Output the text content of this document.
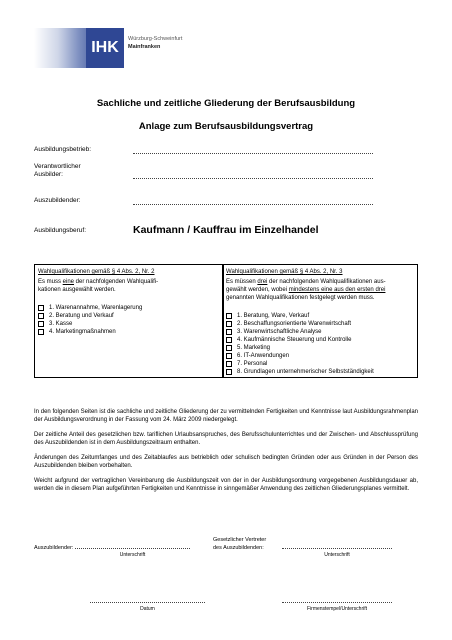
IHK	Würzburg-Schweinfurt
Mainfranken
Sachliche und zeitliche Gliederung der Berufsausbildung
Anlage zum Berufsausbildungsvertrag
Ausbildungsbetrieb:
Verantwortlicher
Ausbilder:
Auszubildender:
Ausbildungsberuf:	Kaufmann / Kauffrau im Einzelhandel
Wahlqualifikationen gemäß § 4 Abs. 2, Nr. 2
Es muss eine der nachfolgenden Wahlqualifi-
kationen ausgewählt werden.
1. Warenannahme, Warenlagerung
2. Beratung und Verkauf
3. Kasse
4. Marketingmaßnahmen
Wahlqualifikationen gemäß § 4 Abs. 2, Nr. 3
Es müssen drei der nachfolgenden Wahlqualifikationen aus-
gewählt werden, wobei mindestens eine aus den ersten drei
genannten Wahlqualifikationen festgelegt werden muss.
1. Beratung, Ware, Verkauf
2. Beschaffungsorientierte Warenwirtschaft
3. Warenwirtschaftliche Analyse
4. Kaufmännische Steuerung und Kontrolle
5. Marketing
6. IT-Anwendungen
7. Personal
8. Grundlagen unternehmerischer Selbstständigkeit
In den folgenden Seiten ist die sachliche und zeitliche Gliederung der zu vermittelnden Fertigkeiten und Kenntnisse laut Ausbildungsrahmenplan der Ausbildungsverordnung in der Fassung vom 24. März 2009 niedergelegt.
Der zeitliche Anteil des gesetzlichen bzw. tariflichen Urlaubsanspruches, des Berufsschulunterrichtes und der Zwischen- und Abschlussprüfung des Auszubildenden ist in dem Ausbildungszeitraum enthalten.
Änderungen des Zeitumfanges und des Zeitablaufes aus betrieblich oder schulisch bedingten Gründen oder aus Gründen in der Person des Auszubildenden bleiben vorbehalten.
Weicht aufgrund der vertraglichen Vereinbarung die Ausbildungszeit von der in der Ausbildungsordnung vorgegebenen Ausbildungsdauer ab, werden die in diesem Plan aufgeführten Fertigkeiten und Kenntnisse in sinngemäßer Anwendung des zeitlichen Gliederungsplanes vermittelt.
Auszubildender:
Unterschrift
Gesetzlicher Vertreter
des Auszubildenden:
Unterschrift
Datum	Firmenstempel/Unterschrift
